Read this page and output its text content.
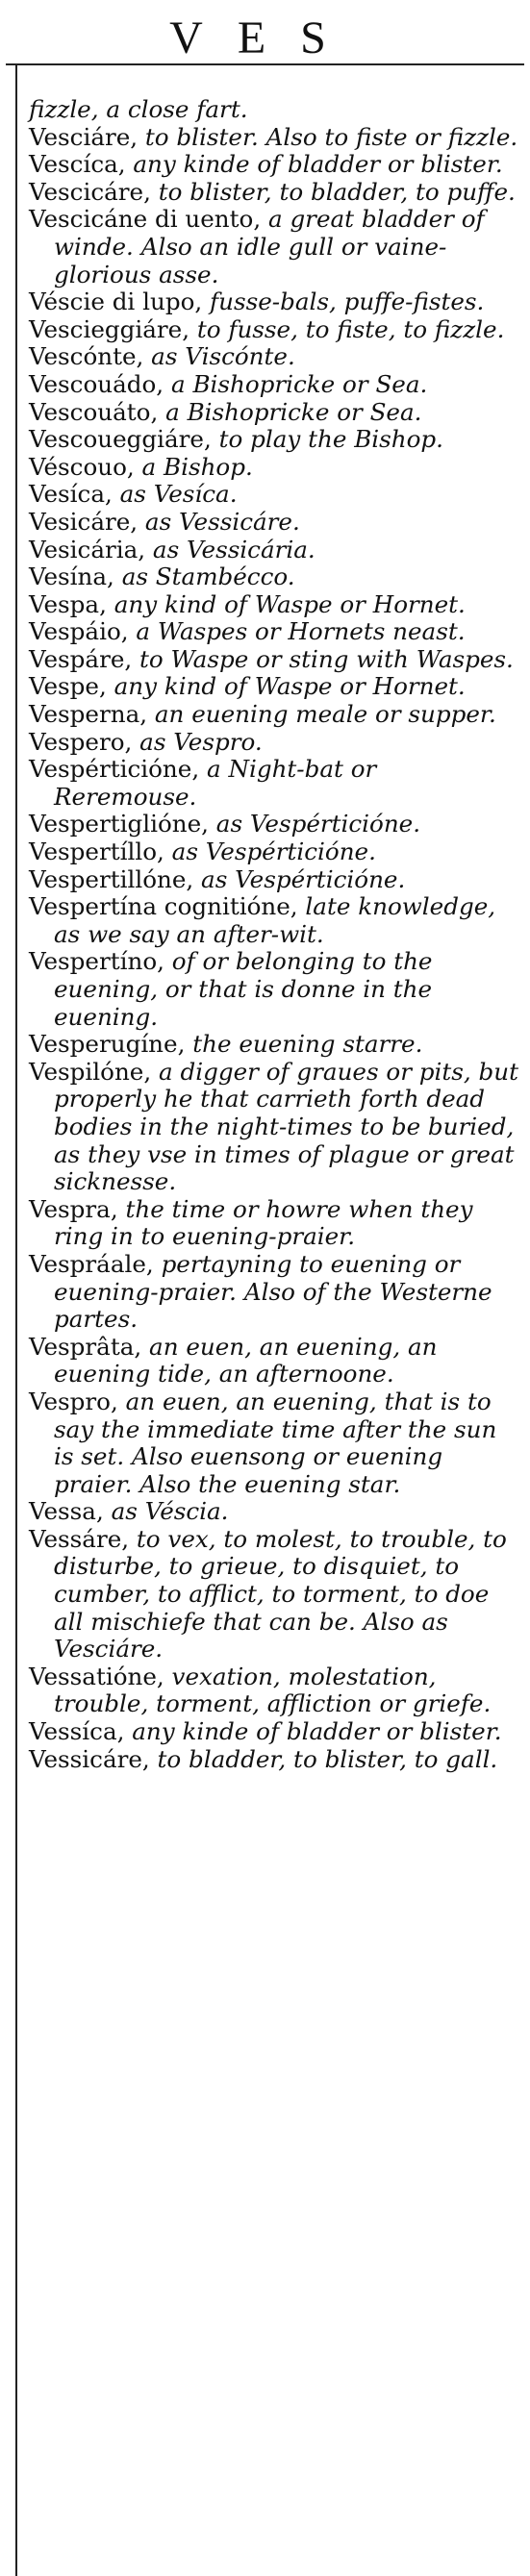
VES

fizzle, a close fart.

Vesciáre, to blister. Also to fiste or fizzle.

Vescíca, any kinde of bladder or blister.

Vescicáre, to blister, to bladder, to puffe.

Vescicáne di uento, a great bladder of winde. Also an idle gull or vaine-glorious asse.

Véscie di lupo, fusse-bals, puffe-fistes.

Vescieggiáre, to fusse, to fiste, to fizzle.

Vescónte, as Viscónte.

Vescouádo, a Bishopricke or Sea.

Vescouáto, a Bishopricke or Sea.

Vescoueggiáre, to play the Bishop.

Véscouo, a Bishop.

Vesíca, as Vesíca.

Vesicáre, as Vessicáre.

Vesicária, as Vessicária.

Vesína, as Stambécco.

Vespa, any kind of Waspe or Hornet.

Vespáio, a Waspes or Hornets neast.

Vespáre, to Waspe or sting with Waspes.

Vespe, any kind of Waspe or Hornet.

Vesperna, an euening meale or supper.

Vespero, as Vespro.

Vespérticióne, a Night-bat or Reremouse.

Vespertiglióne, as Vespérticióne.

Vespertíllo, as Vespérticióne.

Vespertillóne, as Vespérticióne.

Vespertína cognitióne, late knowledge, as we say an after-wit.

Vespertíno, of or belonging to the euening, or that is donne in the euening.

Vesperugíne, the euening starre.

Vespilóne, a digger of graues or pits, but properly he that carrieth forth dead bodies in the night-times to be buried, as they vse in times of plague or great sicknesse.

Vespra, the time or howre when they ring in to euening-praier.

Vespráale, pertayning to euening or euening-praier. Also of the Westerne partes.

Vesprâta, an euen, an euening, an euening tide, an afternoone.

Vespro, an euen, an euening, that is to say the immediate time after the sun is set. Also euensong or euening praier. Also the euening star.

Vessa, as Véscia.

Vessáre, to vex, to molest, to trouble, to disturbe, to grieue, to disquiet, to cumber, to afflict, to torment, to doe all mischiefe that can be. Also as Vesciáre.

Vessatióne, vexation, molestation, trouble, torment, affliction or griefe.

Vessíca, any kinde of bladder or blister.

Vessicáre, to bladder, to blister, to gall.
